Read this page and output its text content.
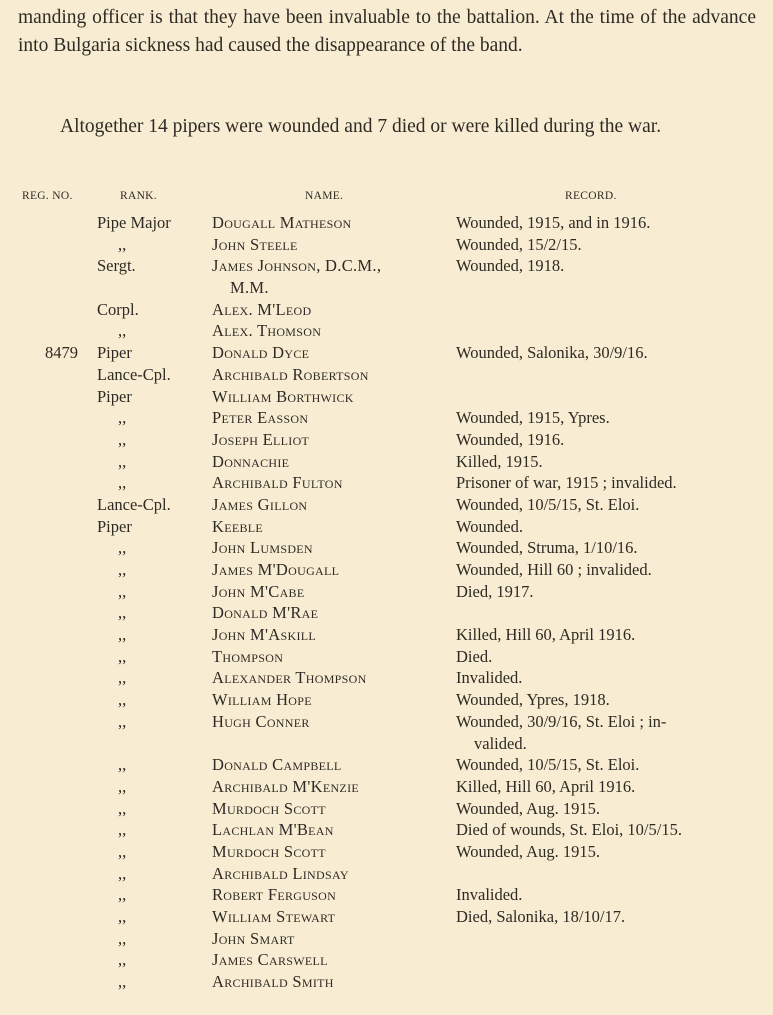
manding officer is that they have been invaluable to the battalion. At the time of the advance into Bulgaria sickness had caused the disappearance of the band.
Altogether 14 pipers were wounded and 7 died or were killed during the war.
REG. NO.	RANK.	NAME.	RECORD.
Pipe Major	Dougall Matheson	Wounded, 1915, and in 1916.
,,	John Steele	Wounded, 15/2/15.
Sergt.	James Johnson, D.C.M.,	Wounded, 1918.
M.M.
Corpl.	Alex. M'Leod
,,	Alex. Thomson
8479 Piper	Donald Dyce	Wounded, Salonika, 30/9/16.
Lance-Cpl.	Archibald Robertson
Piper	William Borthwick
,,	Peter Easson	Wounded, 1915, Ypres.
,,	Joseph Elliot	Wounded, 1916.
,,	Donnachie	Killed, 1915.
,,	Archibald Fulton	Prisoner of war, 1915 ; invalided.
Lance-Cpl.	James Gillon	Wounded, 10/5/15, St. Eloi.
Piper	Keeble	Wounded.
,,	John Lumsden	Wounded, Struma, 1/10/16.
,,	James M'Dougall	Wounded, Hill 60 ; invalided.
,,	John M'Cabe	Died, 1917.
,,	Donald M'Rae
,,	John M'Askill	Killed, Hill 60, April 1916.
,,	Thompson	Died.
,,	Alexander Thompson	Invalided.
,,	William Hope	Wounded, Ypres, 1918.
,,	Hugh Conner	Wounded, 30/9/16, St. Eloi ; in-
valided.
,,	Donald Campbell	Wounded, 10/5/15, St. Eloi.
,,	Archibald M'Kenzie	Killed, Hill 60, April 1916.
,,	Murdoch Scott	Wounded, Aug. 1915.
,,	Lachlan M'Bean	Died of wounds, St. Eloi, 10/5/15.
,,	Murdoch Scott	Wounded, Aug. 1915.
,,	Archibald Lindsay
,,	Robert Ferguson	Invalided.
,,	William Stewart	Died, Salonika, 18/10/17.
,,	John Smart
,,	James Carswell
,,	Archibald Smith
